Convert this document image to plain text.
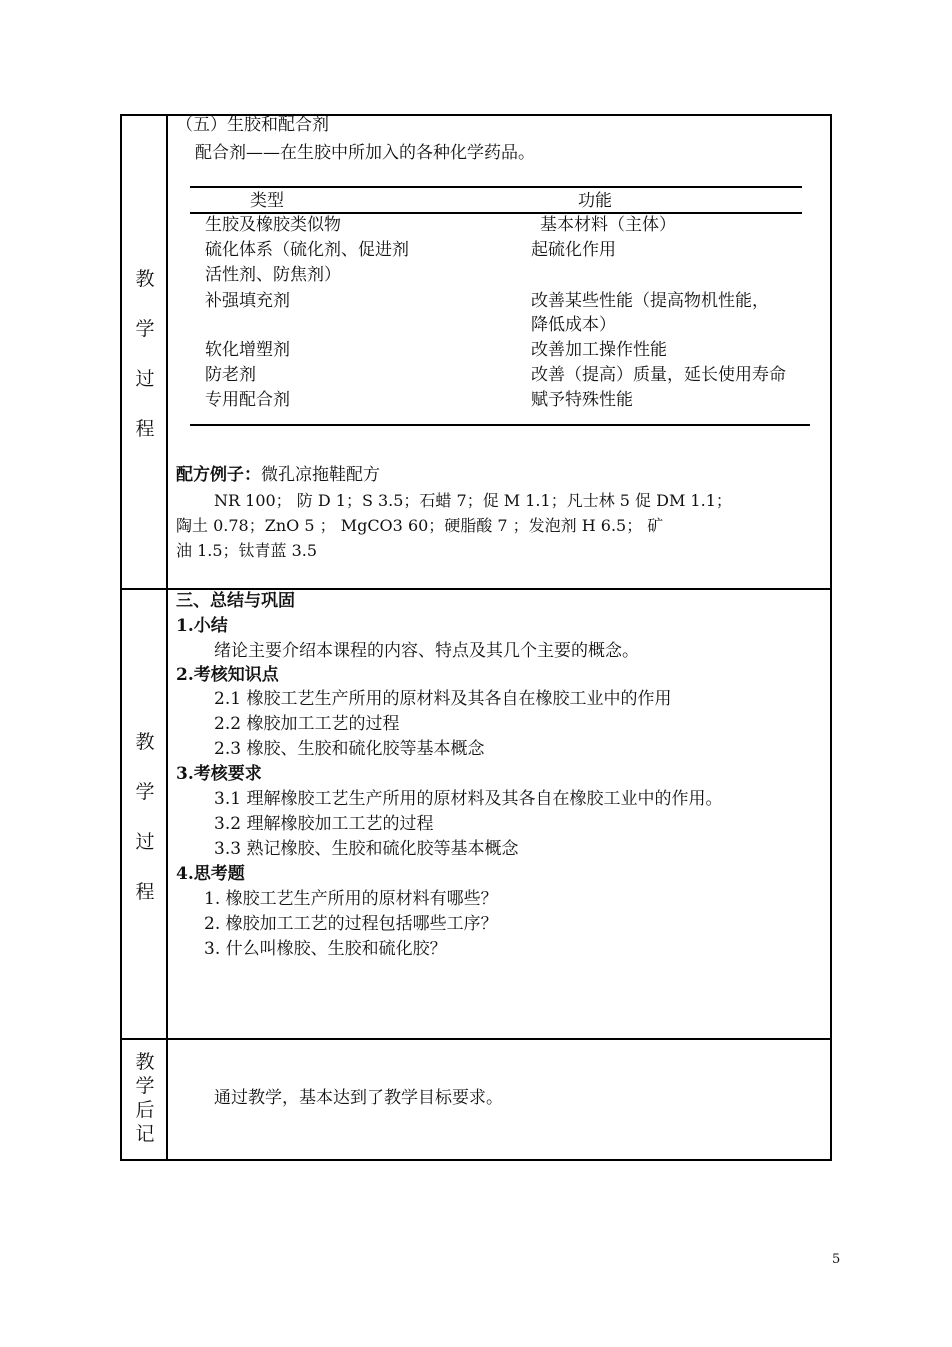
教
学
过
程
（五）生胶和配合剂
配合剂——在生胶中所加入的各种化学药品。
类型	功能
生胶及橡胶类似物	基本材料（主体）
硫化体系（硫化剂、促进剂	起硫化作用
活性剂、防焦剂）
补强填充剂	改善某些性能（提高物机性能，
降低成本）
软化增塑剂	改善加工操作性能
防老剂	改善（提高）质量，延长使用寿命
专用配合剂	赋予特殊性能
配方例子：微孔凉拖鞋配方
NR 100； 防 D 1；S 3.5；石蜡 7；促 M 1.1；凡士林 5 促 DM 1.1；
陶土 0.78；ZnO 5 ； MgCO3 60；硬脂酸 7 ；发泡剂 H 6.5； 矿
油 1.5；钛青蓝 3.5
教
学
过
程
三、总结与巩固
1.小结
绪论主要介绍本课程的内容、特点及其几个主要的概念。
2.考核知识点
2.1 橡胶工艺生产所用的原材料及其各自在橡胶工业中的作用
2.2 橡胶加工工艺的过程
2.3 橡胶、生胶和硫化胶等基本概念
3.考核要求
3.1 理解橡胶工艺生产所用的原材料及其各自在橡胶工业中的作用。
3.2 理解橡胶加工工艺的过程
3.3 熟记橡胶、生胶和硫化胶等基本概念
4.思考题
1. 橡胶工艺生产所用的原材料有哪些？
2. 橡胶加工工艺的过程包括哪些工序？
3. 什么叫橡胶、生胶和硫化胶？
教
学
后
记
通过教学，基本达到了教学目标要求。
5
